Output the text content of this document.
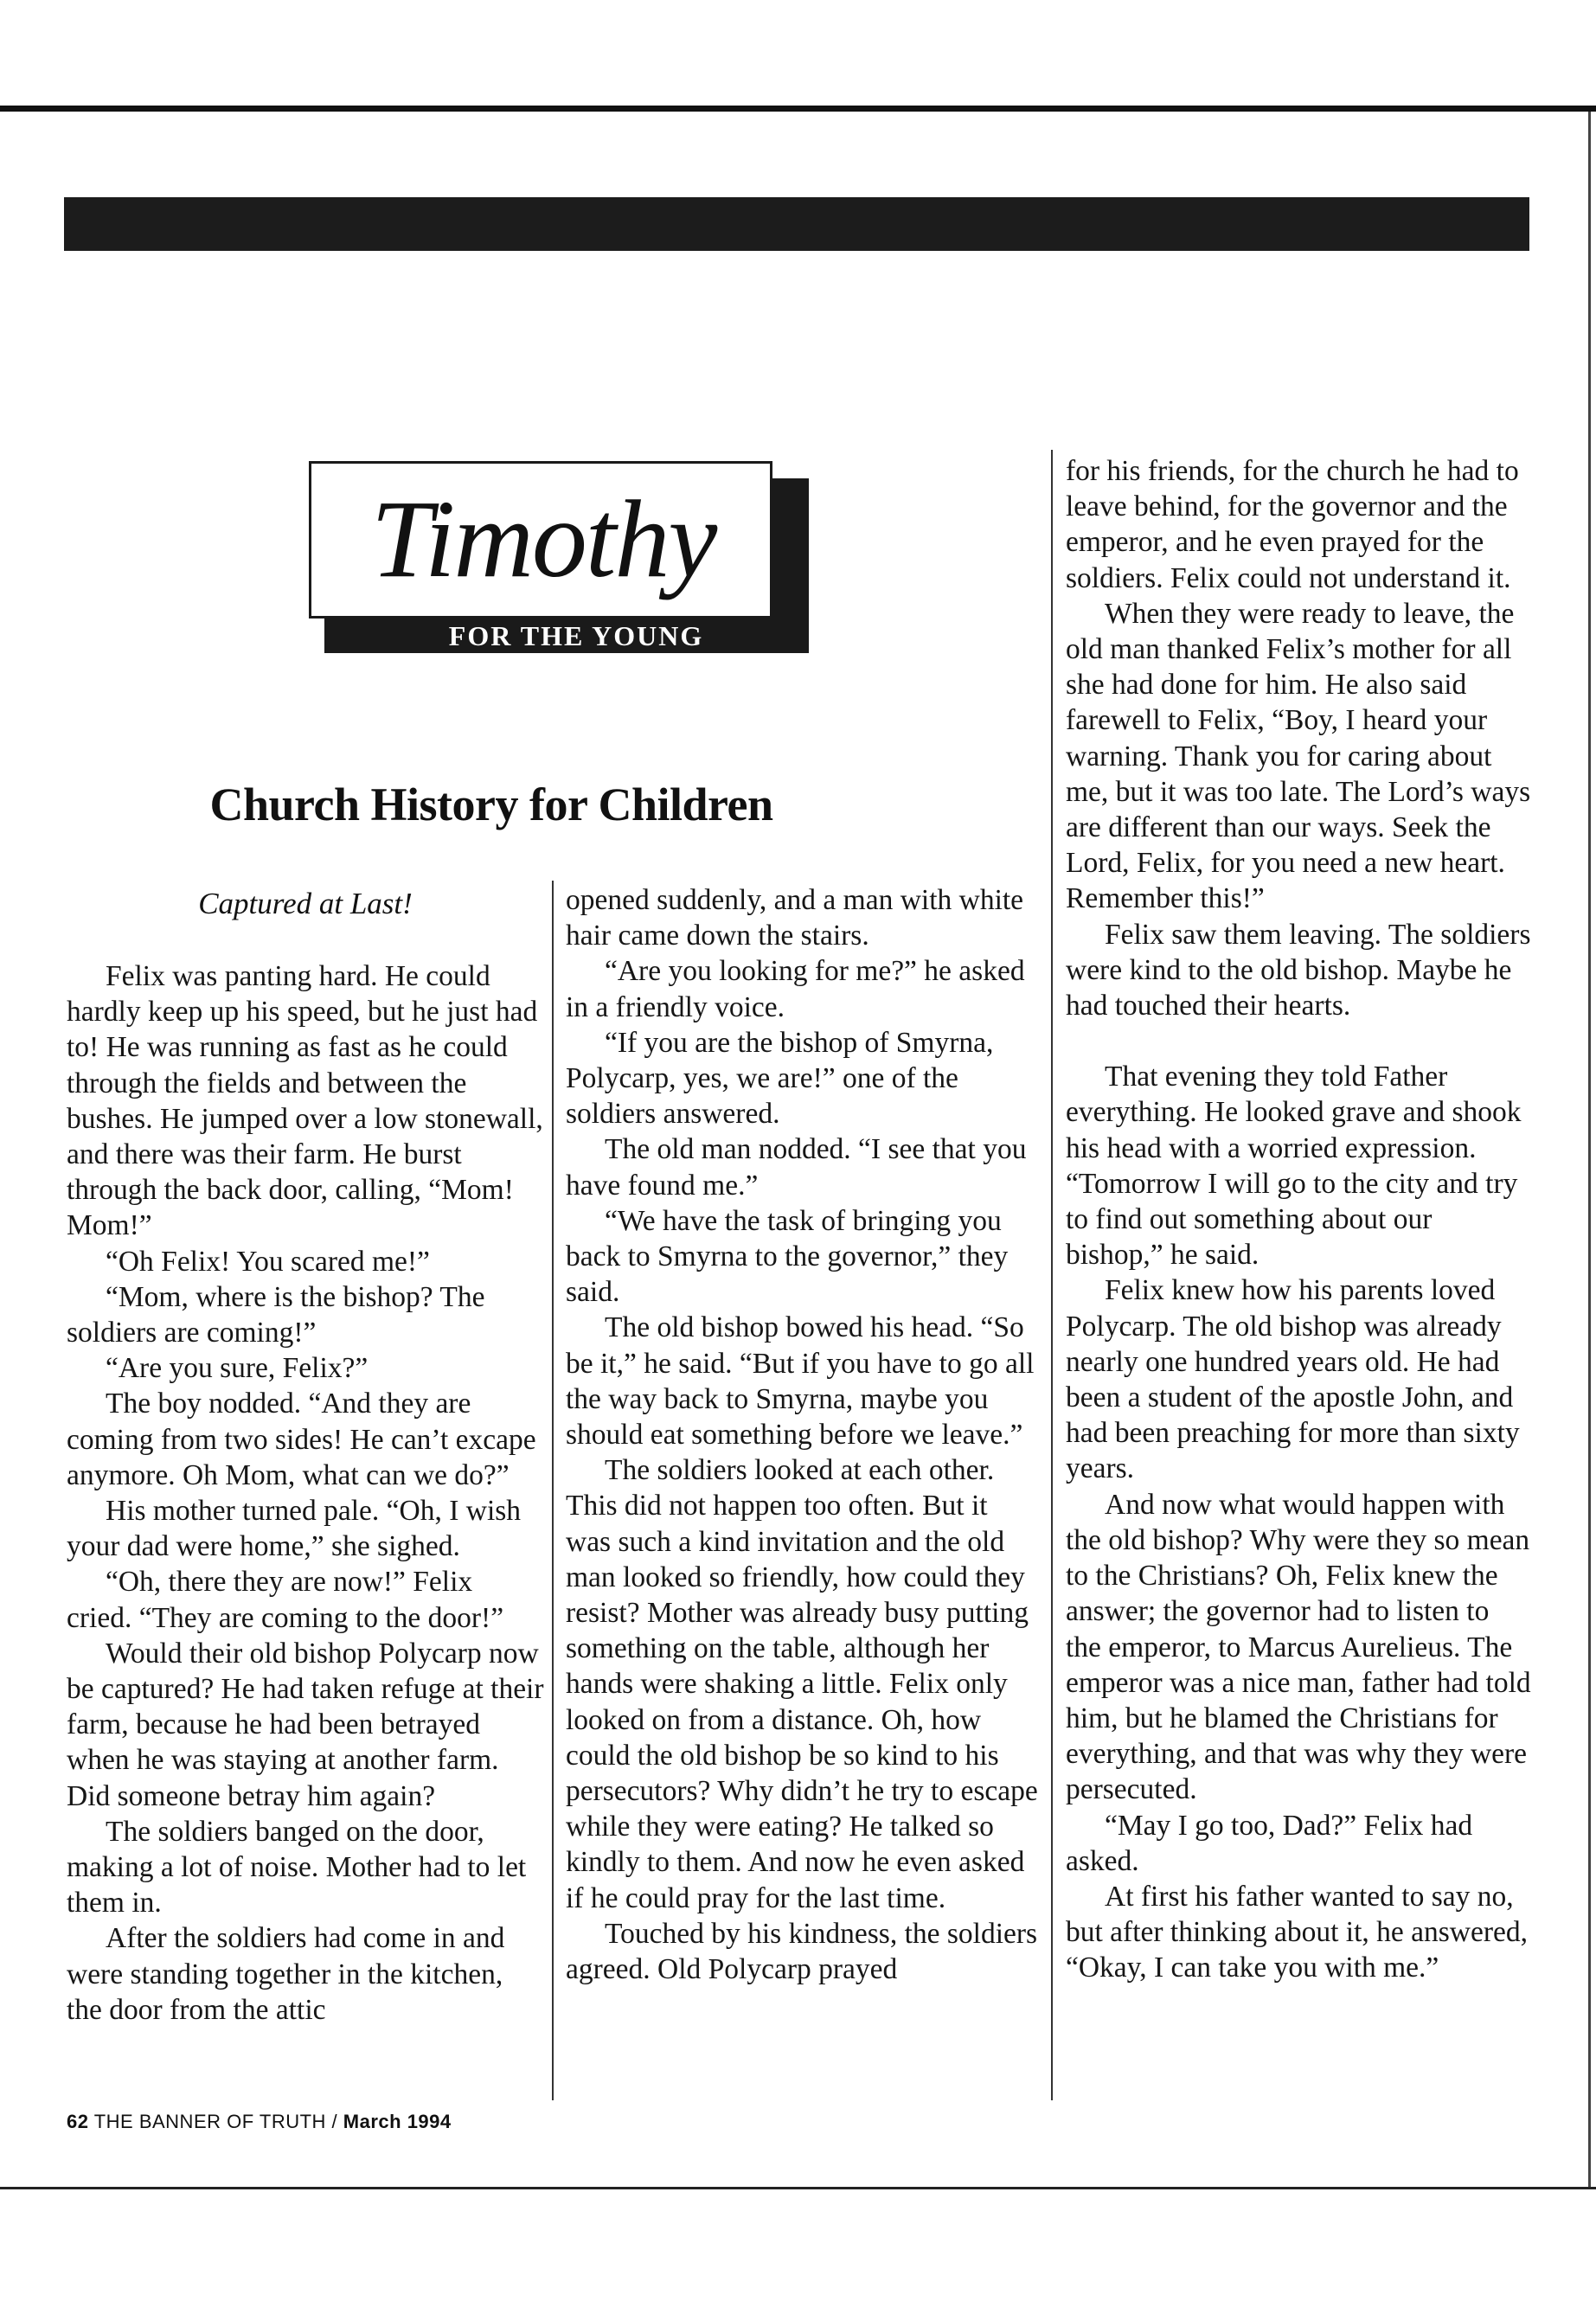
Timothy
FOR THE YOUNG
Church History for Children
Captured at Last!

Felix was panting hard. He could hardly keep up his speed, but he just had to! He was running as fast as he could through the fields and between the bushes. He jumped over a low stonewall, and there was their farm. He burst through the back door, calling, “Mom! Mom!”

“Oh Felix! You scared me!”

“Mom, where is the bishop? The soldiers are coming!”

“Are you sure, Felix?”

The boy nodded. “And they are coming from two sides! He can’t excape anymore. Oh Mom, what can we do?”

His mother turned pale. “Oh, I wish your dad were home,” she sighed.

“Oh, there they are now!” Felix cried. “They are coming to the door!”

Would their old bishop Polycarp now be captured? He had taken refuge at their farm, because he had been betrayed when he was staying at another farm. Did someone betray him again?

The soldiers banged on the door, making a lot of noise. Mother had to let them in.

After the soldiers had come in and were standing together in the kitchen, the door from the attic

opened suddenly, and a man with white hair came down the stairs.

“Are you looking for me?” he asked in a friendly voice.

“If you are the bishop of Smyrna, Polycarp, yes, we are!” one of the soldiers answered.

The old man nodded. “I see that you have found me.”

“We have the task of bringing you back to Smyrna to the governor,” they said.

The old bishop bowed his head. “So be it,” he said. “But if you have to go all the way back to Smyrna, maybe you should eat something before we leave.”

The soldiers looked at each other. This did not happen too often. But it was such a kind invitation and the old man looked so friendly, how could they resist? Mother was already busy putting something on the table, although her hands were shaking a little. Felix only looked on from a distance. Oh, how could the old bishop be so kind to his persecutors? Why didn’t he try to escape while they were eating? He talked so kindly to them. And now he even asked if he could pray for the last time.

Touched by his kindness, the soldiers agreed. Old Polycarp prayed

for his friends, for the church he had to leave behind, for the governor and the emperor, and he even prayed for the soldiers. Felix could not understand it.

When they were ready to leave, the old man thanked Felix’s mother for all she had done for him. He also said farewell to Felix, “Boy, I heard your warning. Thank you for caring about me, but it was too late. The Lord’s ways are different than our ways. Seek the Lord, Felix, for you need a new heart. Remember this!”

Felix saw them leaving. The soldiers were kind to the old bishop. Maybe he had touched their hearts.

That evening they told Father everything. He looked grave and shook his head with a worried expression. “Tomorrow I will go to the city and try to find out something about our bishop,” he said.

Felix knew how his parents loved Polycarp. The old bishop was already nearly one hundred years old. He had been a student of the apostle John, and had been preaching for more than sixty years.

And now what would happen with the old bishop? Why were they so mean to the Christians? Oh, Felix knew the answer; the governor had to listen to the emperor, to Marcus Aurelieus. The emperor was a nice man, father had told him, but he blamed the Christians for everything, and that was why they were persecuted.

“May I go too, Dad?” Felix had asked.

At first his father wanted to say no, but after thinking about it, he answered, “Okay, I can take you with me.”

62 THE BANNER OF TRUTH / March 1994
